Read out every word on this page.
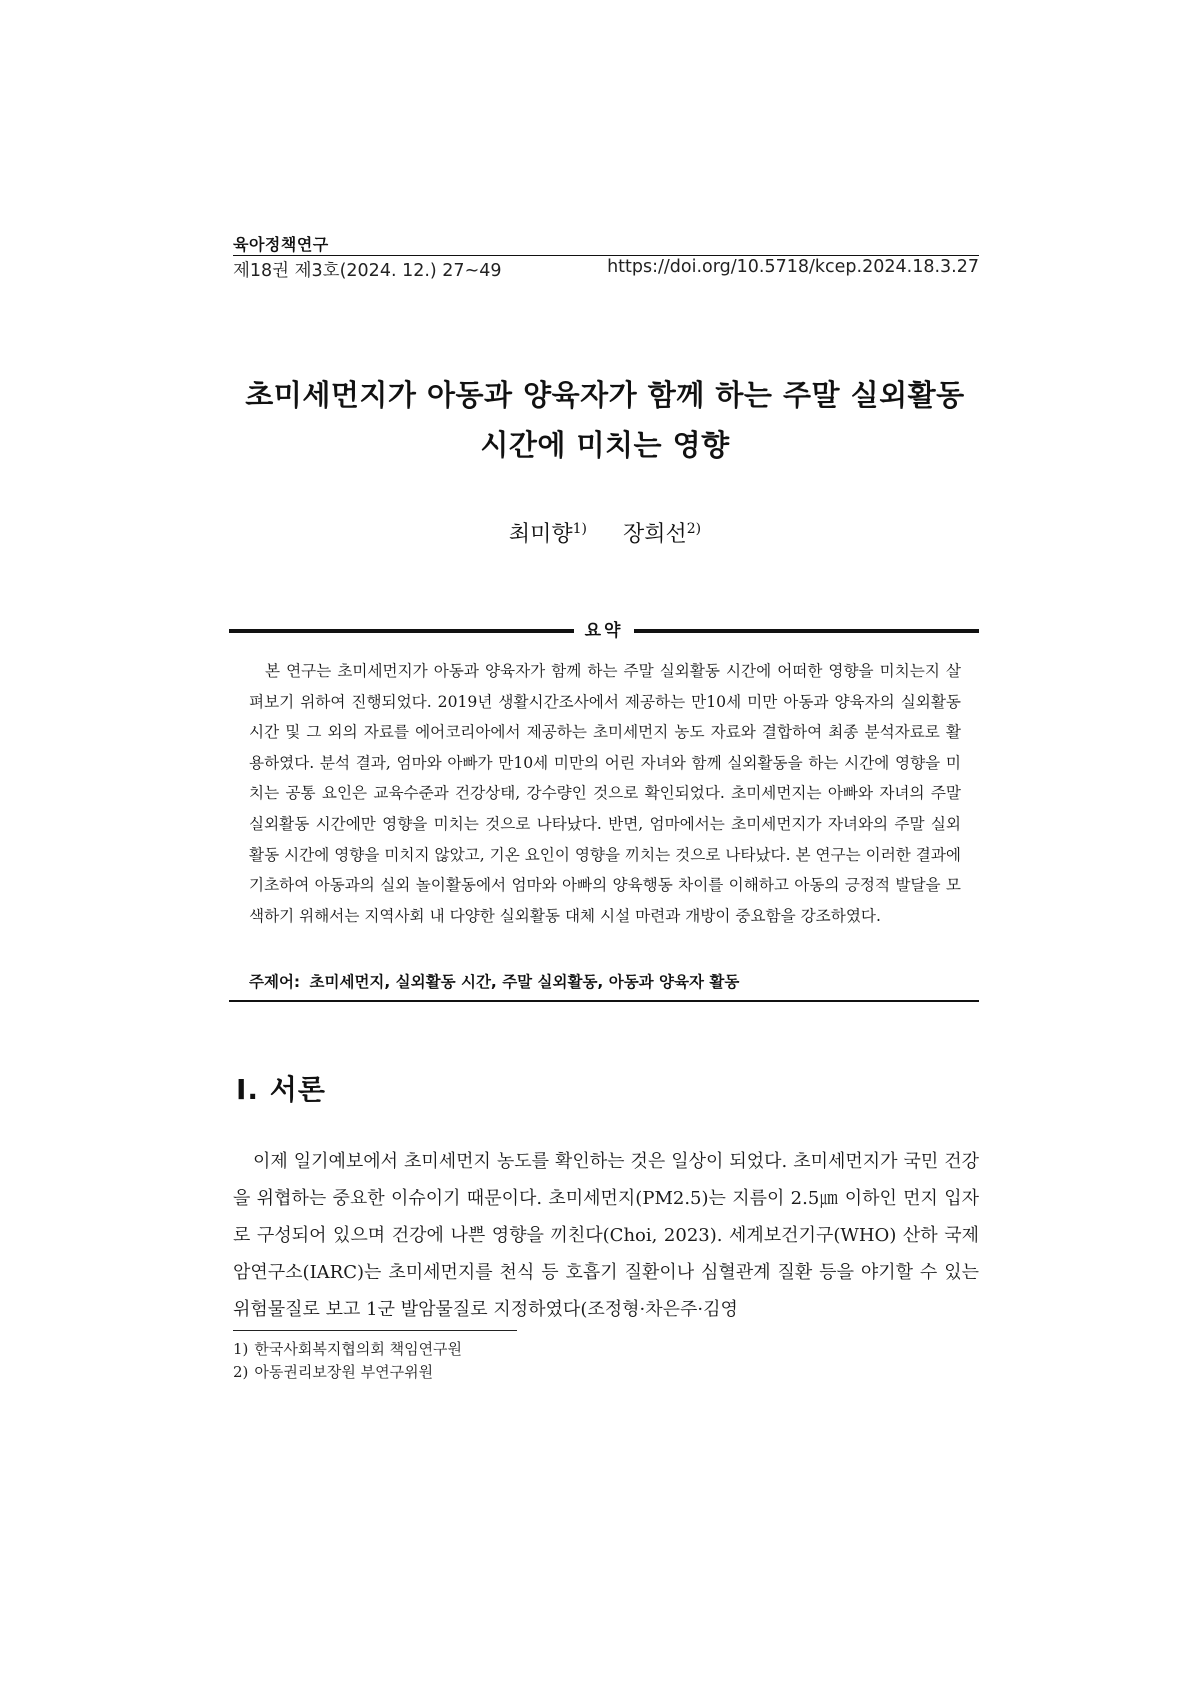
육아정책연구
제18권 제3호(2024. 12.) 27~49	https://doi.org/10.5718/kcep.2024.18.3.27
초미세먼지가 아동과 양육자가 함께 하는 주말 실외활동
시간에 미치는 영향
최미향$^{1)}$ 장희선$^{2)}$
요약

본 연구는 초미세먼지가 아동과 양육자가 함께 하는 주말 실외활동 시간에 어떠한 영향을 미치는지 살펴보기 위하여 진행되었다. 2019년 생활시간조사에서 제공하는 만10세 미만 아동과 양육자의 실외활동 시간 및 그 외의 자료를 에어코리아에서 제공하는 초미세먼지 농도 자료와 결합하여 최종 분석자료로 활용하였다. 분석 결과, 엄마와 아빠가 만10세 미만의 어린 자녀와 함께 실외활동을 하는 시간에 영향을 미치는 공통 요인은 교육수준과 건강상태, 강수량인 것으로 확인되었다. 초미세먼지는 아빠와 자녀의 주말 실외활동 시간에만 영향을 미치는 것으로 나타났다. 반면, 엄마에서는 초미세먼지가 자녀와의 주말 실외활동 시간에 영향을 미치지 않았고, 기온 요인이 영향을 끼치는 것으로 나타났다. 본 연구는 이러한 결과에 기초하여 아동과의 실외 놀이활동에서 엄마와 아빠의 양육행동 차이를 이해하고 아동의 긍정적 발달을 모색하기 위해서는 지역사회 내 다양한 실외활동 대체 시설 마련과 개방이 중요함을 강조하였다.

주제어: 초미세먼지, 실외활동 시간, 주말 실외활동, 아동과 양육자 활동
Ⅰ. 서론

이제 일기예보에서 초미세먼지 농도를 확인하는 것은 일상이 되었다. 초미세먼지가 국민 건강을 위협하는 중요한 이슈이기 때문이다. 초미세먼지(PM2.5)는 지름이 2.5㎛ 이하인 먼지 입자로 구성되어 있으며 건강에 나쁜 영향을 끼친다(Choi, 2023). 세계보건기구(WHO) 산하 국제암연구소(IARC)는 초미세먼지를 천식 등 호흡기 질환이나 심혈관계 질환 등을 야기할 수 있는 위험물질로 보고 1군 발암물질로 지정하였다(조정형·차은주·김영

1) 한국사회복지협의회 책임연구원
2) 아동권리보장원 부연구위원
